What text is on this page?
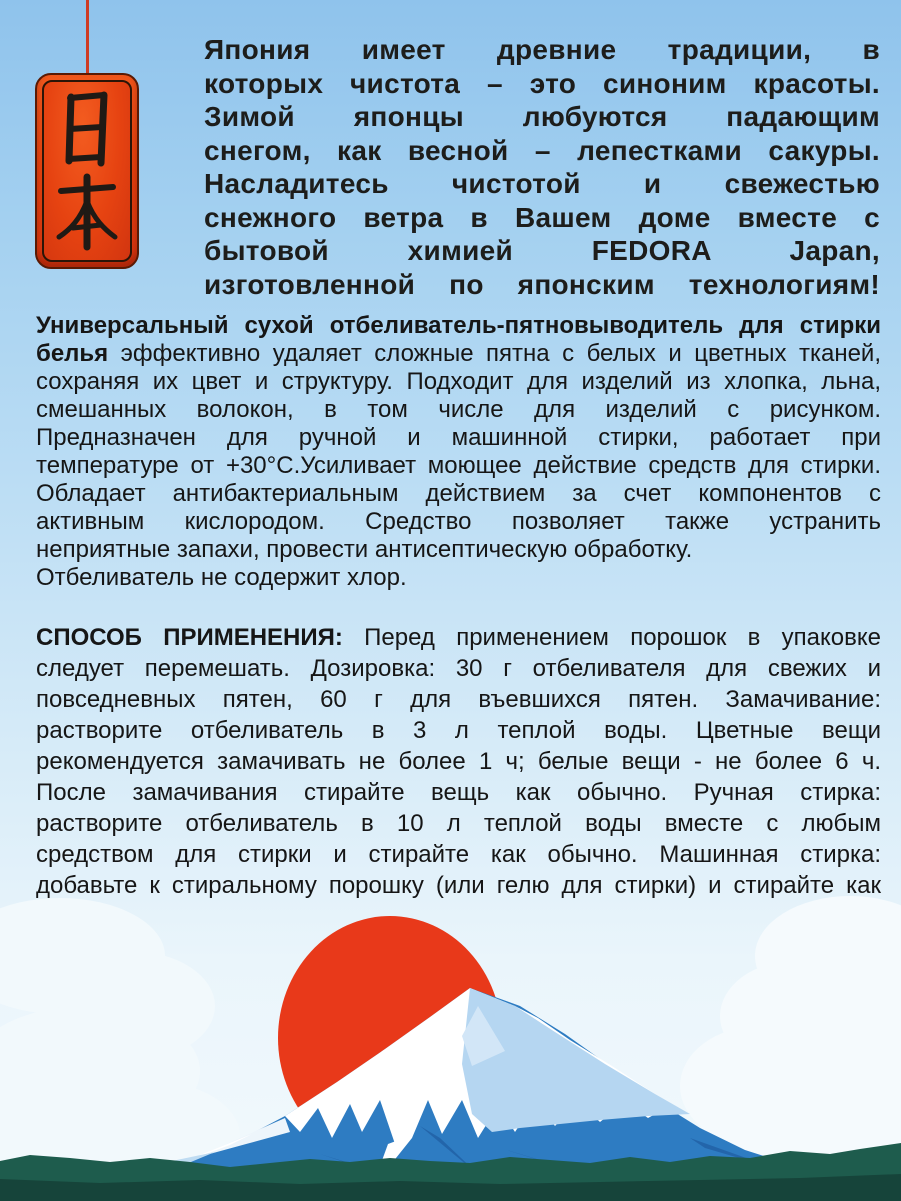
Япония имеет древние традиции, в
которых чистота – это синоним красоты.
Зимой японцы любуются падающим
снегом, как весной – лепестками сакуры.
Насладитесь чистотой и свежестью
снежного ветра в Вашем доме вместе с
бытовой химией FEDORA Japan,
изготовленной по японским технологиям!
Универсальный сухой отбеливатель-пятновыводитель для стирки
белья эффективно удаляет сложные пятна с белых и цветных тканей,
сохраняя их цвет и структуру. Подходит для изделий из хлопка, льна,
смешанных волокон, в том числе для изделий с рисунком.
Предназначен для ручной и машинной стирки, работает при
температуре от +30°С.Усиливает моющее действие средств для стирки.
Обладает антибактериальным действием за счет компонентов с
активным кислородом. Средство позволяет также устранить
неприятные запахи, провести антисептическую обработку.
Отбеливатель не содержит хлор.
СПОСОБ ПРИМЕНЕНИЯ: Перед применением порошок в упаковке
следует перемешать. Дозировка: 30 г отбеливателя для свежих и
повседневных пятен, 60 г для въевшихся пятен. Замачивание:
растворите отбеливатель в 3 л теплой воды. Цветные вещи
рекомендуется замачивать не более 1 ч; белые вещи - не более 6 ч.
После замачивания стирайте вещь как обычно. Ручная стирка:
растворите отбеливатель в 10 л теплой воды вместе с любым
средством для стирки и стирайте как обычно. Машинная стирка:
добавьте к стиральному порошку (или гелю для стирки) и стирайте как
